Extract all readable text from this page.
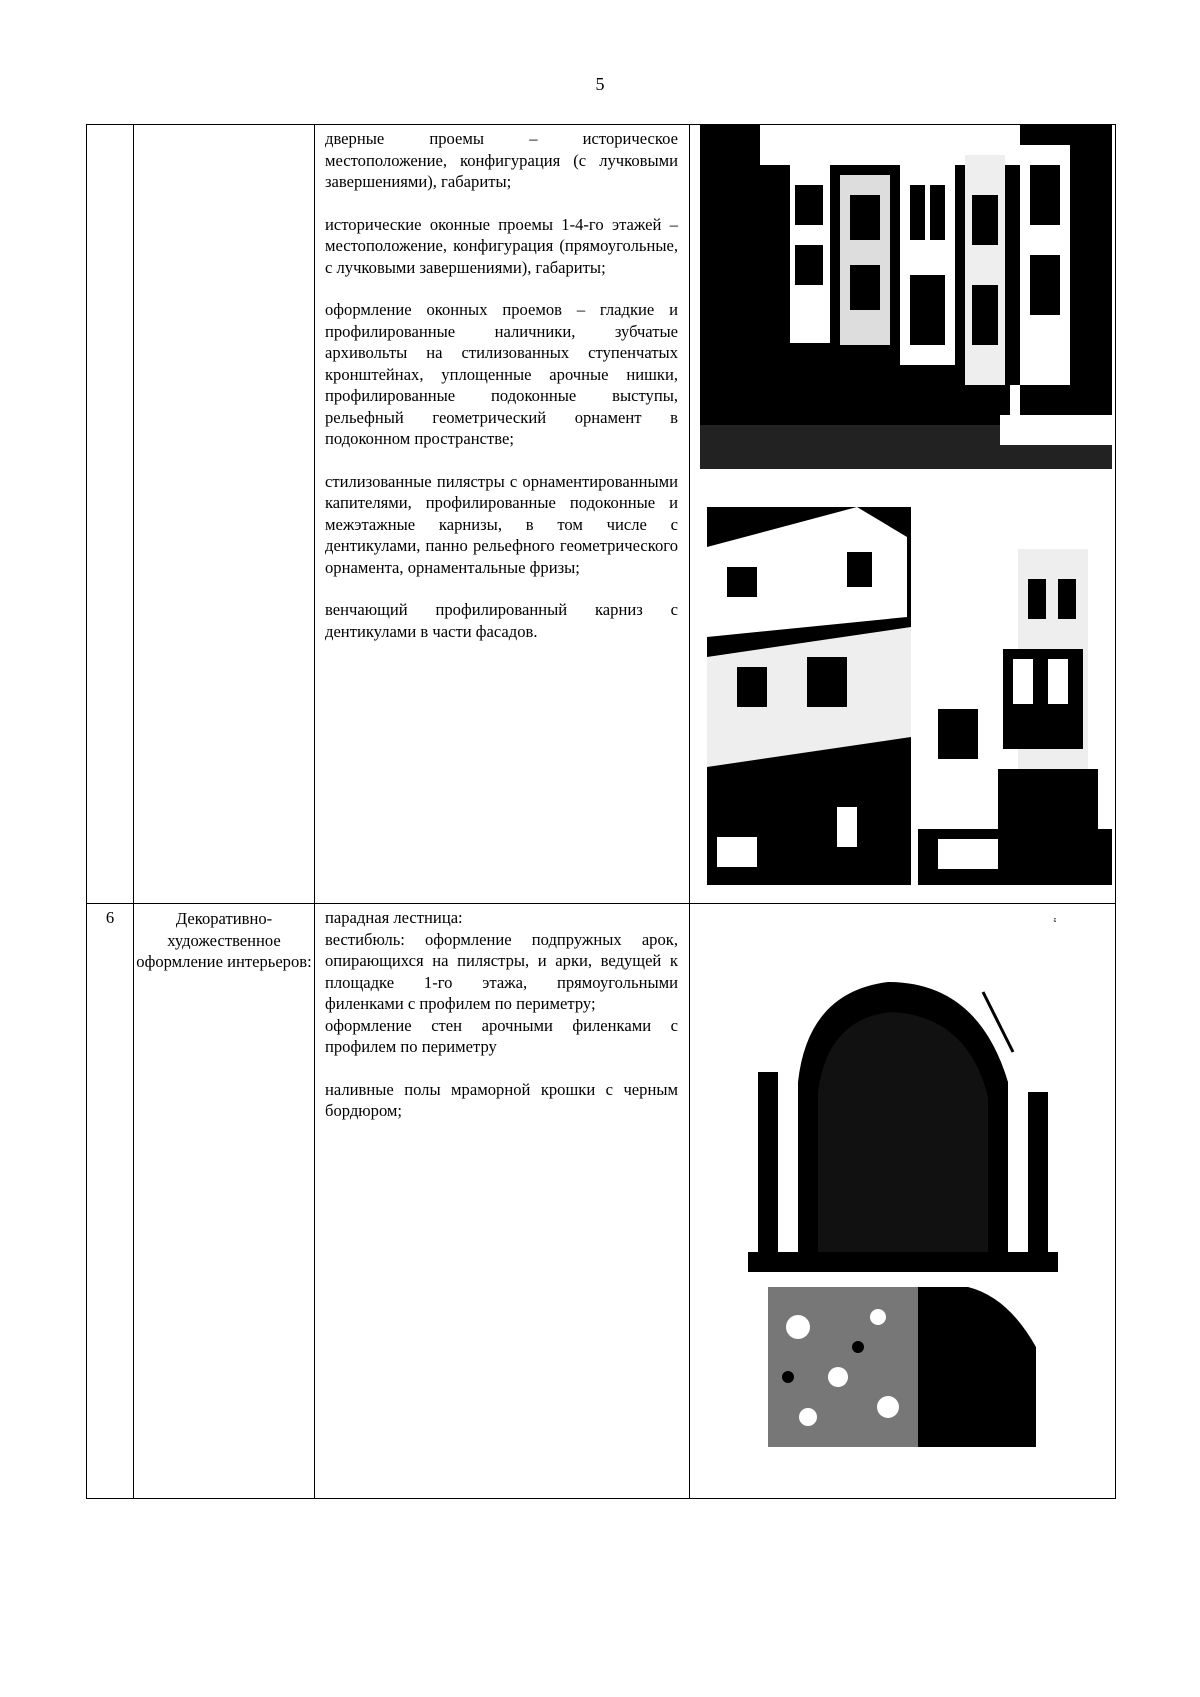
5

		дверные проемы – историческое местоположение, конфигурация (с лучковыми завершениями), габариты;

исторические оконные проемы 1-4-го этажей – местоположение, конфигурация (прямоугольные, с лучковыми завершениями), габариты;

оформление оконных проемов – гладкие и профилированные наличники, зубчатые архивольты на стилизованных ступенчатых кронштейнах, уплощенные арочные нишки, профилированные подоконные выступы, рельефный геометрический орнамент в подоконном пространстве;

стилизованные пилястры с орнаментированными капителями, профилированные подоконные и межэтажные карнизы, в том числе с дентикулами, панно рельефного геометрического орнамента, орнаментальные фризы;

венчающий профилированный карниз с дентикулами в части фасадов.

6	Декоративно-художественное оформление интерьеров:	парадная лестница:

вестибюль: оформление подпружных арок, опирающихся на пилястры, и арки, ведущей к площадке 1-го этажа, прямоугольными филенками с профилем по периметру;

оформление стен арочными филенками с профилем по периметру

наливные полы мраморной крошки с черным бордюром;
